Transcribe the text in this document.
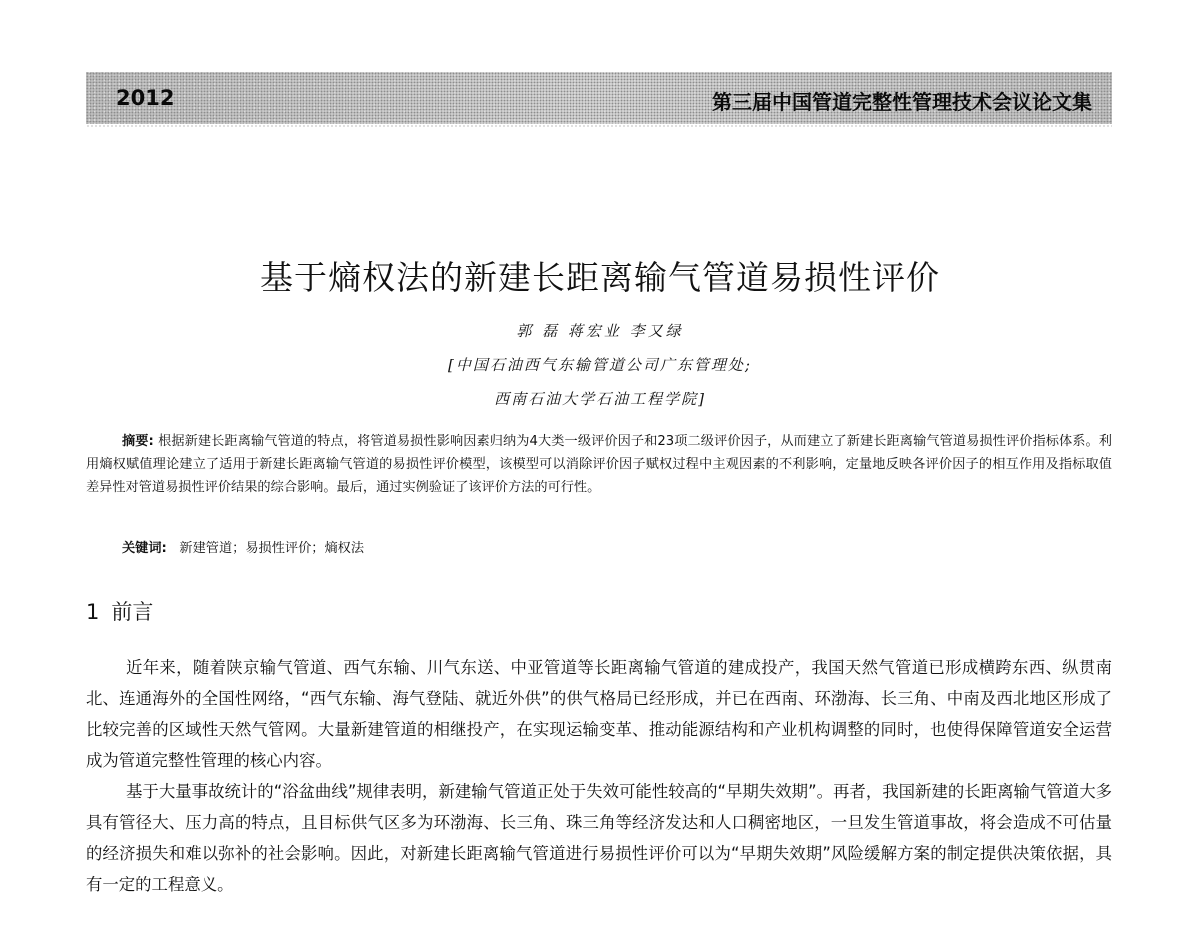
2012	第三届中国管道完整性管理技术会议论文集
基于熵权法的新建长距离输气管道易损性评价
郭 磊 蒋宏业 李又绿
[中国石油西气东输管道公司广东管理处;
西南石油大学石油工程学院]
摘要: 根据新建长距离输气管道的特点，将管道易损性影响因素归纳为4大类一级评价因子和23项二级评价因子，从而建立了新建长距离输气管道易损性评价指标体系。利用熵权赋值理论建立了适用于新建长距离输气管道的易损性评价模型，该模型可以消除评价因子赋权过程中主观因素的不利影响，定量地反映各评价因子的相互作用及指标取值差异性对管道易损性评价结果的综合影响。最后，通过实例验证了该评价方法的可行性。
关键词: 新建管道；易损性评价；熵权法
1 前言

近年来，随着陕京输气管道、西气东输、川气东送、中亚管道等长距离输气管道的建成投产，我国天然气管道已形成横跨东西、纵贯南北、连通海外的全国性网络，“西气东输、海气登陆、就近外供”的供气格局已经形成，并已在西南、环渤海、长三角、中南及西北地区形成了比较完善的区域性天然气管网。大量新建管道的相继投产，在实现运输变革、推动能源结构和产业机构调整的同时，也使得保障管道安全运营成为管道完整性管理的核心内容。

基于大量事故统计的“浴盆曲线”规律表明，新建输气管道正处于失效可能性较高的“早期失效期”。再者，我国新建的长距离输气管道大多具有管径大、压力高的特点，且目标供气区多为环渤海、长三角、珠三角等经济发达和人口稠密地区，一旦发生管道事故，将会造成不可估量的经济损失和难以弥补的社会影响。因此，对新建长距离输气管道进行易损性评价可以为“早期失效期”风险缓解方案的制定提供决策依据，具有一定的工程意义。
